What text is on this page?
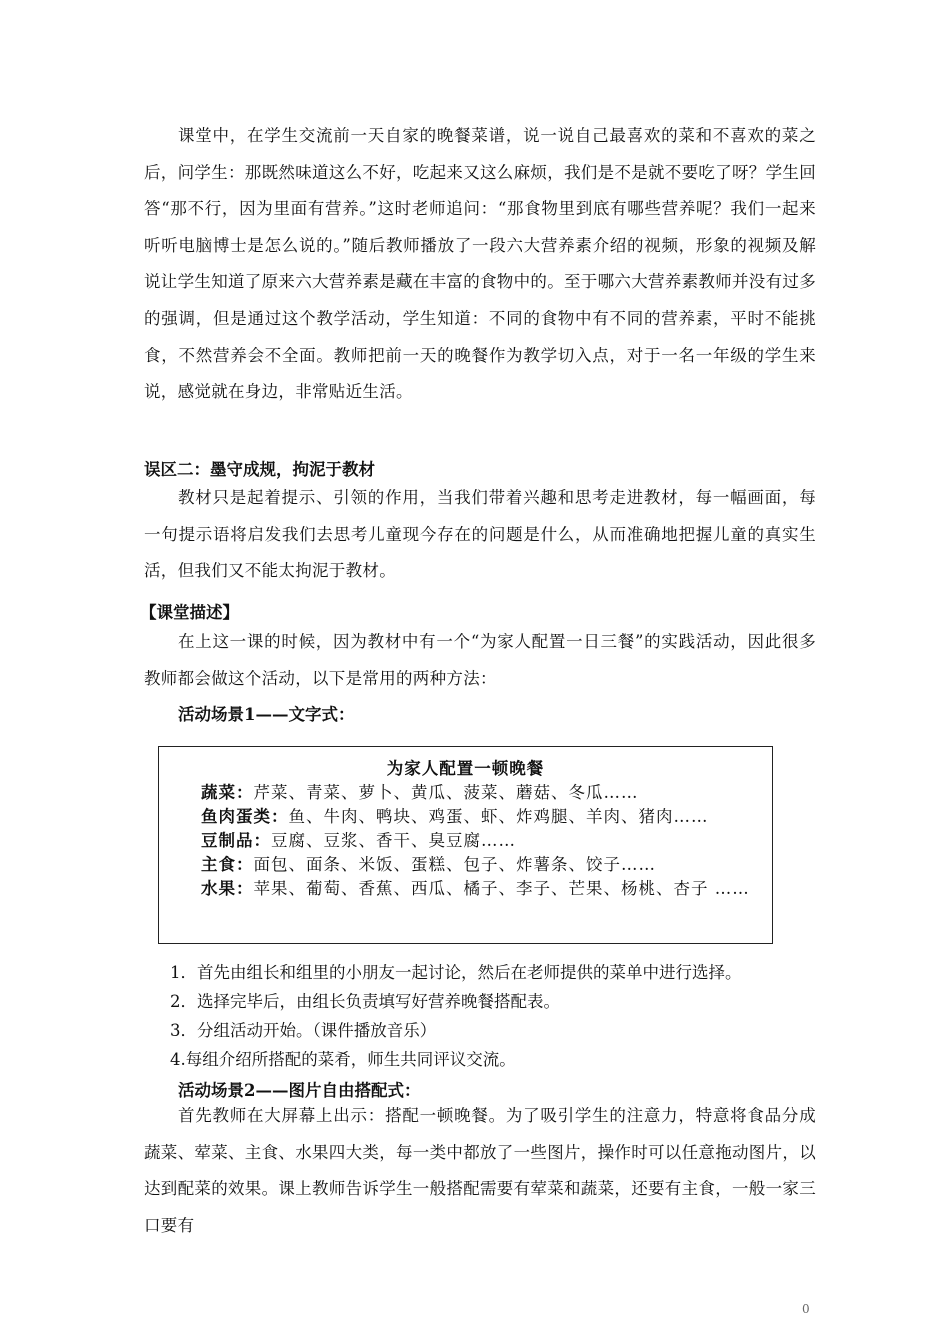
课堂中，在学生交流前一天自家的晚餐菜谱，说一说自己最喜欢的菜和不喜欢的菜之后，问学生：那既然味道这么不好，吃起来又这么麻烦，我们是不是就不要吃了呀？学生回答“那不行，因为里面有营养。”这时老师追问：“那食物里到底有哪些营养呢？我们一起来听听电脑博士是怎么说的。”随后教师播放了一段六大营养素介绍的视频，形象的视频及解说让学生知道了原来六大营养素是藏在丰富的食物中的。至于哪六大营养素教师并没有过多的强调，但是通过这个教学活动，学生知道：不同的食物中有不同的营养素，平时不能挑食，不然营养会不全面。教师把前一天的晚餐作为教学切入点，对于一名一年级的学生来说，感觉就在身边，非常贴近生活。
误区二：墨守成规，拘泥于教材
教材只是起着提示、引领的作用，当我们带着兴趣和思考走进教材，每一幅画面，每一句提示语将启发我们去思考儿童现今存在的问题是什么，从而准确地把握儿童的真实生活，但我们又不能太拘泥于教材。
【课堂描述】
在上这一课的时候，因为教材中有一个“为家人配置一日三餐”的实践活动，因此很多教师都会做这个活动，以下是常用的两种方法：
活动场景1——文字式：
为家人配置一顿晚餐
蔬菜：芹菜、青菜、萝卜、黄瓜、菠菜、蘑菇、冬瓜……
鱼肉蛋类：鱼、牛肉、鸭块、鸡蛋、虾、炸鸡腿、羊肉、猪肉……
豆制品：豆腐、豆浆、香干、臭豆腐……
主食：面包、面条、米饭、蛋糕、包子、炸薯条、饺子……
水果：苹果、葡萄、香蕉、西瓜、橘子、李子、芒果、杨桃、杏子 ……
1．首先由组长和组里的小朋友一起讨论，然后在老师提供的菜单中进行选择。
2．选择完毕后，由组长负责填写好营养晚餐搭配表。
3．分组活动开始。（课件播放音乐）
4.每组介绍所搭配的菜肴，师生共同评议交流。
活动场景2——图片自由搭配式：
首先教师在大屏幕上出示：搭配一顿晚餐。为了吸引学生的注意力，特意将食品分成蔬菜、荤菜、主食、水果四大类，每一类中都放了一些图片，操作时可以任意拖动图片，以达到配菜的效果。课上教师告诉学生一般搭配需要有荤菜和蔬菜，还要有主食，一般一家三口要有
0
